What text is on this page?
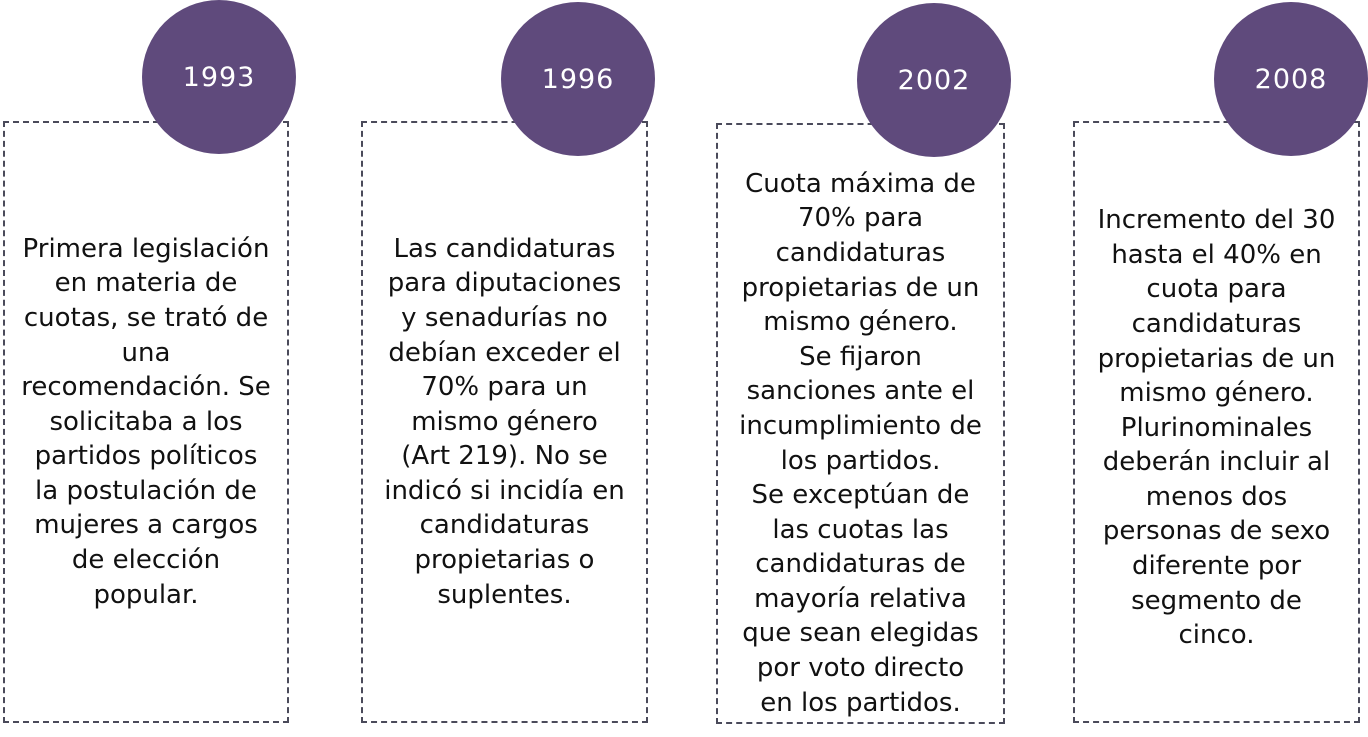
Primera legislación
en materia de
cuotas, se trató de
una
recomendación. Se
solicitaba a los
partidos políticos
la postulación de
mujeres a cargos
de elección
popular.

1993

Las candidaturas
para diputaciones
y senadurías no
debían exceder el
70% para un
mismo género
(Art 219). No se
indicó si incidía en
candidaturas
propietarias o
suplentes.

1996

Cuota máxima de
70% para
candidaturas
propietarias de un
mismo género.
Se fijaron
sanciones ante el
incumplimiento de
los partidos.
Se exceptúan de
las cuotas las
candidaturas de
mayoría relativa
que sean elegidas
por voto directo
en los partidos.

2002

Incremento del 30
hasta el 40% en
cuota para
candidaturas
propietarias de un
mismo género.
Plurinominales
deberán incluir al
menos dos
personas de sexo
diferente por
segmento de
cinco.

2008
